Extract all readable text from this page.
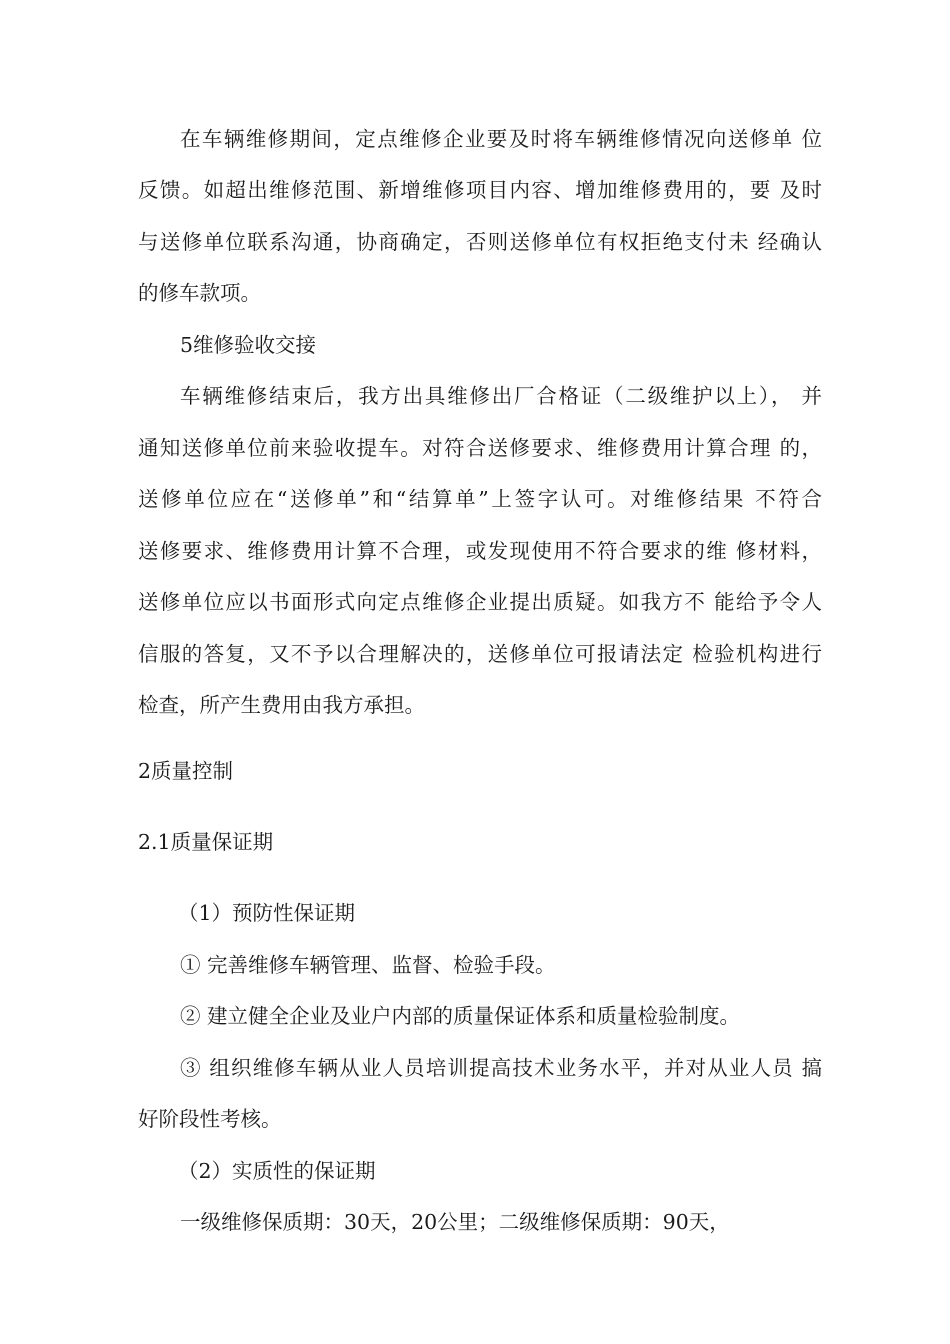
在车辆维修期间，定点维修企业要及时将车辆维修情况向送修单 位
反馈。如超出维修范围、新增维修项目内容、增加维修费用的，要 及时
与送修单位联系沟通，协商确定，否则送修单位有权拒绝支付未 经确认
的修车款项。
5维修验收交接
车辆维修结束后，我方出具维修出厂合格证（二级维护以上）， 并
通知送修单位前来验收提车。对符合送修要求、维修费用计算合理 的，
送修单位应在“送修单”和“结算单”上签字认可。对维修结果 不符合
送修要求、维修费用计算不合理，或发现使用不符合要求的维 修材料，
送修单位应以书面形式向定点维修企业提出质疑。如我方不 能给予令人
信服的答复，又不予以合理解决的，送修单位可报请法定 检验机构进行
检查，所产生费用由我方承担。
2质量控制
2.1质量保证期
（1）预防性保证期
① 完善维修车辆管理、监督、检验手段。
② 建立健全企业及业户内部的质量保证体系和质量检验制度。
③ 组织维修车辆从业人员培训提高技术业务水平，并对从业人员 搞
好阶段性考核。
（2）实质性的保证期
一级维修保质期：30天，20公里；二级维修保质期：90天，
